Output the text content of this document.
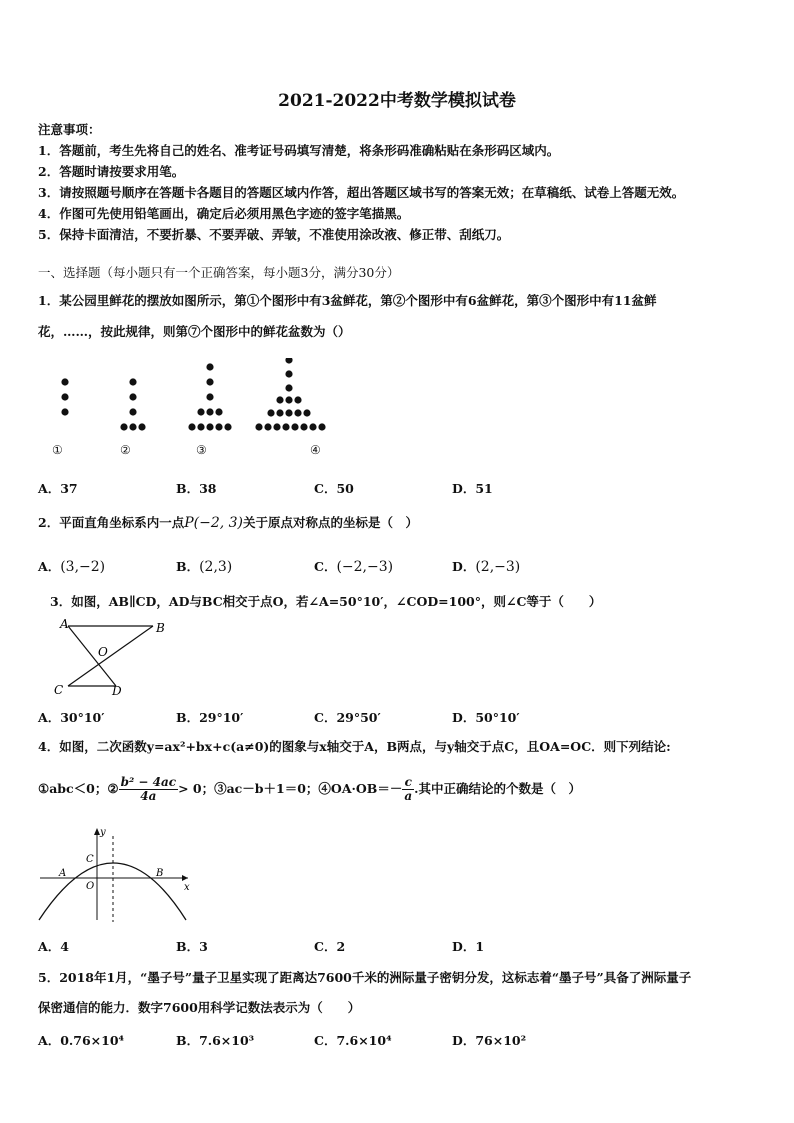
2021-2022中考数学模拟试卷
注意事项：
1．答题前，考生先将自己的姓名、准考证号码填写清楚，将条形码准确粘贴在条形码区域内。
2．答题时请按要求用笔。
3．请按照题号顺序在答题卡各题目的答题区域内作答，超出答题区域书写的答案无效；在草稿纸、试卷上答题无效。
4．作图可先使用铅笔画出，确定后必须用黑色字迹的签字笔描黑。
5．保持卡面清洁，不要折暴、不要弄破、弄皱，不准使用涂改液、修正带、刮纸刀。
一、选择题（每小题只有一个正确答案，每小题3分，满分30分）
1．某公园里鲜花的摆放如图所示，第①个图形中有3盆鲜花，第②个图形中有6盆鲜花，第③个图形中有11盆鲜
花，……，按此规律，则第⑦个图形中的鲜花盆数为（）
①	②	③	④
A．37	B．38	C．50	D．51
2．平面直角坐标系内一点P(−2, 3)关于原点对称点的坐标是（　）
A．(3,−2)	B．(2,3)	C．(−2,−3)	D．(2,−3)
3．如图，AB∥CD，AD与BC相交于点O，若∠A=50°10′，∠COD=100°，则∠C等于（　　）
A	B
O
C	D
A．30°10′	B．29°10′	C．29°50′	D．50°10′
4．如图，二次函数y=ax²+bx+c(a≠0)的图象与x轴交于A，B两点，与y轴交于点C，且OA=OC．则下列结论:
①abc＜0；② $\frac{\text{b² − 4ac}}{4a} > 0$；③ac－b＋1＝0；④OA·OB＝－ $\frac{c}{a}$ .其中正确结论的个数是（　）
y
x
C
A
O
B
A．4	B．3	C．2	D．1
5．2018年1月，“墨子号”量子卫星实现了距离达7600千米的洲际量子密钥分发，这标志着“墨子号”具备了洲际量子
保密通信的能力．数字7600用科学记数法表示为（　　）
A．0.76×10⁴	B．7.6×10³	C．7.6×10⁴	D．76×10²
